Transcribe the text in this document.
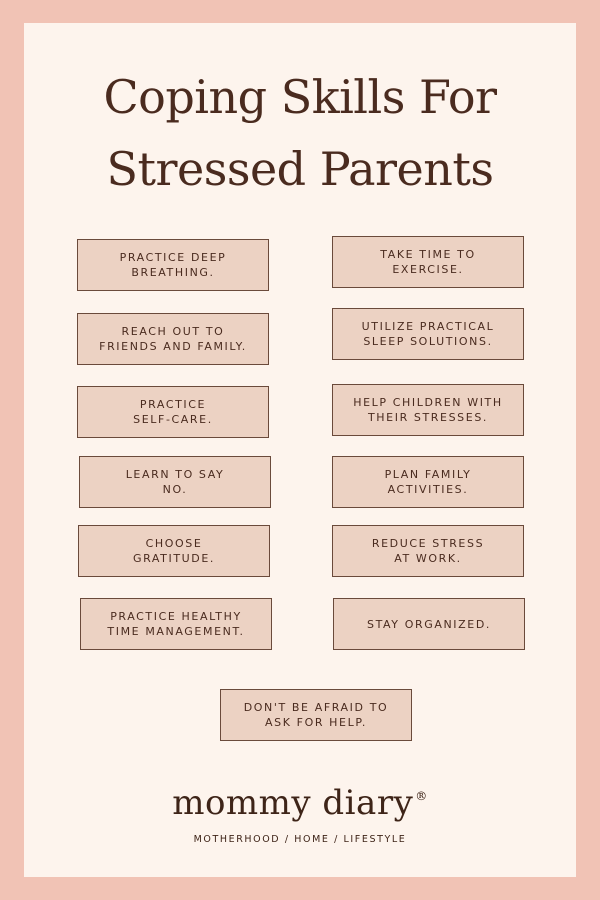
Coping Skills For
Stressed Parents
PRACTICE DEEP
BREATHING.
REACH OUT TO
FRIENDS AND FAMILY.
PRACTICE
SELF-CARE.
LEARN TO SAY
NO.
CHOOSE
GRATITUDE.
PRACTICE HEALTHY
TIME MANAGEMENT.
TAKE TIME TO
EXERCISE.
UTILIZE PRACTICAL
SLEEP SOLUTIONS.
HELP CHILDREN WITH
THEIR STRESSES.
PLAN FAMILY
ACTIVITIES.
REDUCE STRESS
AT WORK.
STAY ORGANIZED.
DON'T BE AFRAID TO
ASK FOR HELP.
mommy diary ®
MOTHERHOOD / HOME / LIFESTYLE
